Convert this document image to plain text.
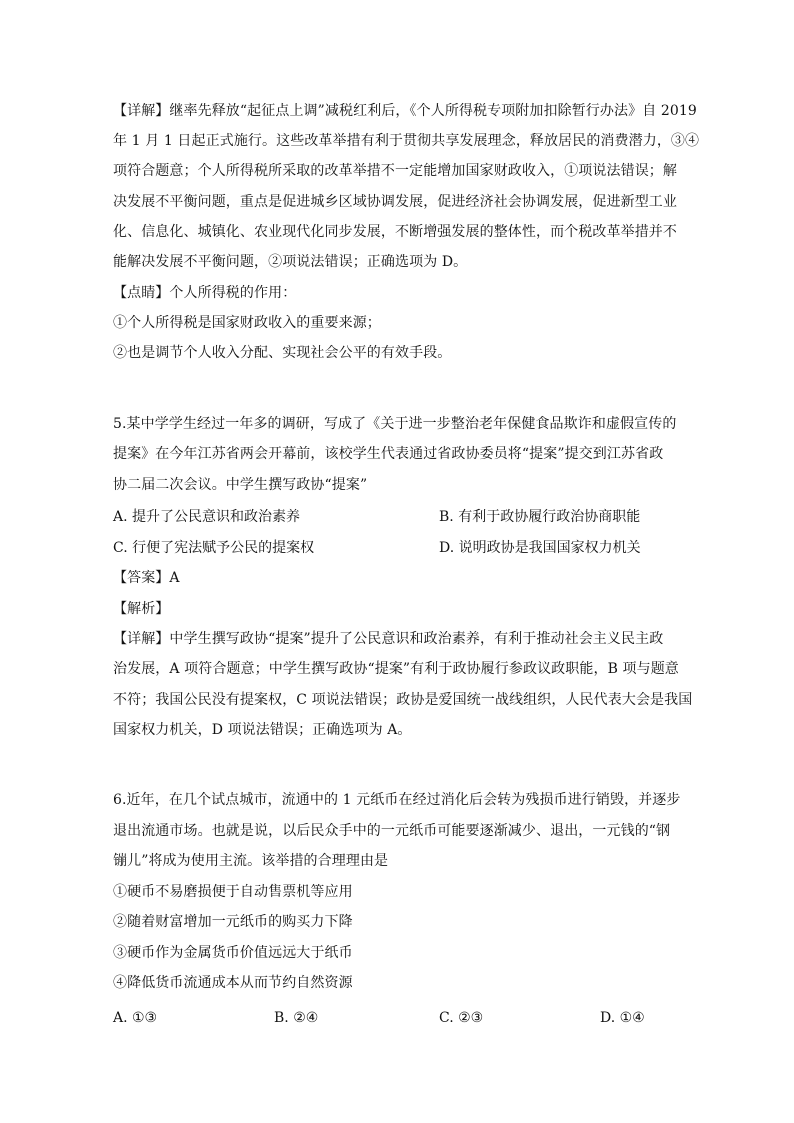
【详解】继率先释放“起征点上调”减税红利后，《个人所得税专项附加扣除暂行办法》自 2019
年 1 月 1 日起正式施行。这些改革举措有利于贯彻共享发展理念，释放居民的消费潜力，③④
项符合题意；个人所得税所采取的改革举措不一定能增加国家财政收入，①项说法错误；解
决发展不平衡问题，重点是促进城乡区域协调发展，促进经济社会协调发展，促进新型工业
化、信息化、城镇化、农业现代化同步发展，不断增强发展的整体性，而个税改革举措并不
能解决发展不平衡问题，②项说法错误；正确选项为 D。
【点睛】个人所得税的作用：
①个人所得税是国家财政收入的重要来源；
②也是调节个人收入分配、实现社会公平的有效手段。
5.某中学学生经过一年多的调研，写成了《关于进一步整治老年保健食品欺诈和虚假宣传的
提案》在今年江苏省两会开幕前，该校学生代表通过省政协委员将“提案”提交到江苏省政
协二届二次会议。中学生撰写政协“提案”
A. 提升了公民意识和政治素养	B. 有利于政协履行政治协商职能
C. 行便了宪法赋予公民的提案权	D. 说明政协是我国国家权力机关
【答案】A
【解析】
【详解】中学生撰写政协“提案”提升了公民意识和政治素养，有利于推动社会主义民主政
治发展，A 项符合题意；中学生撰写政协“提案”有利于政协履行参政议政职能，B 项与题意
不符；我国公民没有提案权，C 项说法错误；政协是爱国统一战线组织，人民代表大会是我国
国家权力机关，D 项说法错误；正确选项为 A。
6.近年，在几个试点城市，流通中的 1 元纸币在经过消化后会转为残损币进行销毁，并逐步
退出流通市场。也就是说，以后民众手中的一元纸币可能要逐渐减少、退出，一元钱的“钢
镚儿”将成为使用主流。该举措的合理理由是
①硬币不易磨损便于自动售票机等应用
②随着财富增加一元纸币的购买力下降
③硬币作为金属货币价值远远大于纸币
④降低货币流通成本从而节约自然资源
A. ①③	B. ②④	C. ②③	D. ①④
